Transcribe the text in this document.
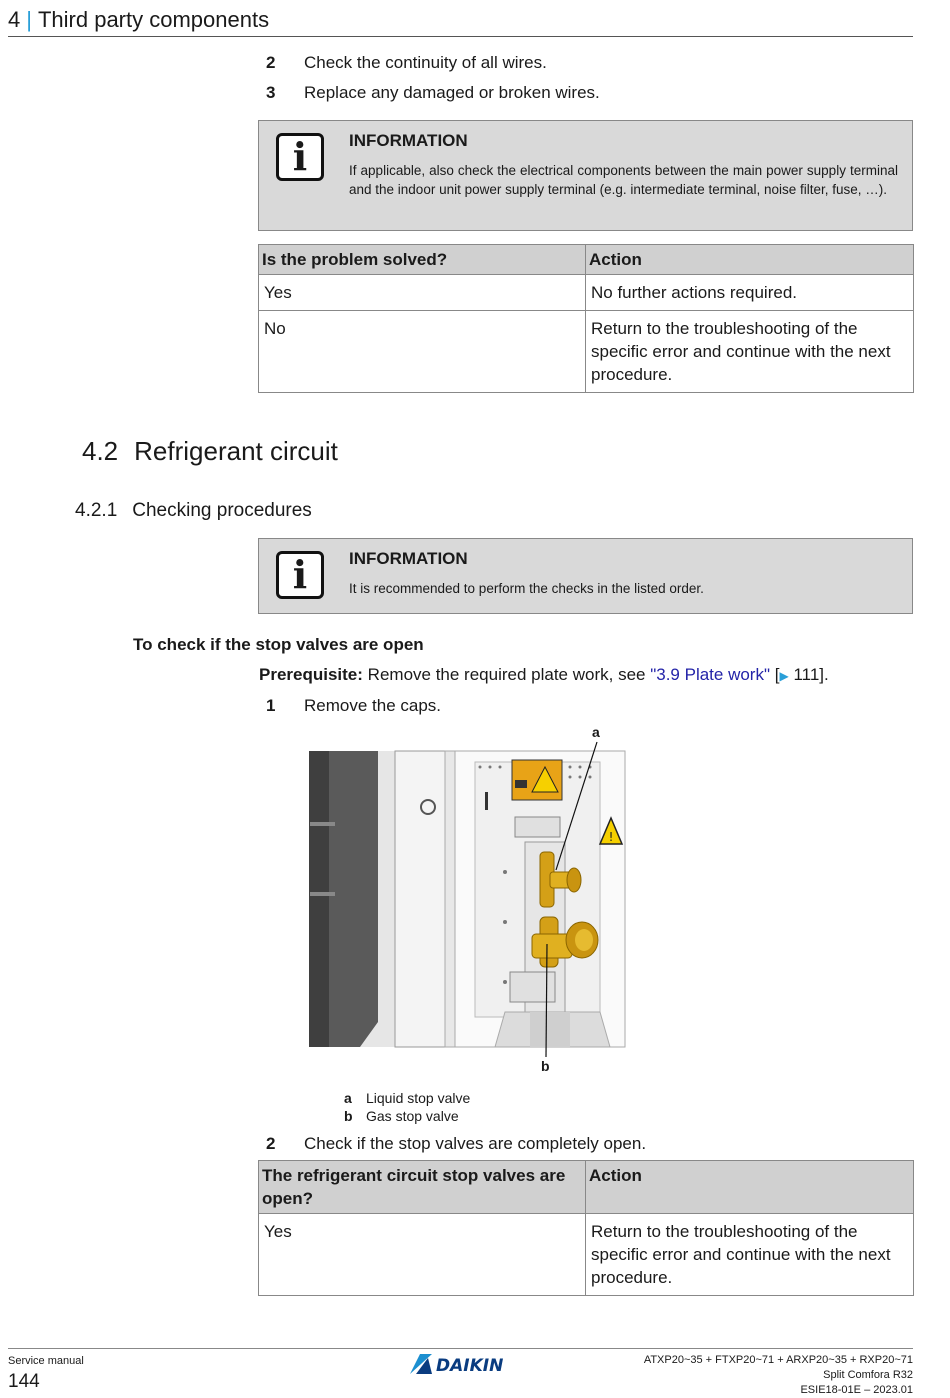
4 | Third party components
2 Check the continuity of all wires.
3 Replace any damaged or broken wires.
i	INFORMATION
If applicable, also check the electrical components between the main power supply terminal and the indoor unit power supply terminal (e.g. intermediate terminal, noise filter, fuse, …).
Is the problem solved?	Action
Yes	No further actions required.
No	Return to the troubleshooting of the specific error and continue with the next procedure.
4.2 Refrigerant circuit
4.2.1 Checking procedures
i	INFORMATION
It is recommended to perform the checks in the listed order.
To check if the stop valves are open
Prerequisite: Remove the required plate work, see "3.9 Plate work" [▶ 111].
1 Remove the caps.
!
a
b
a Liquid stop valve
b Gas stop valve
2 Check if the stop valves are completely open.
The refrigerant circuit stop valves are open?	Action
Yes	Return to the troubleshooting of the specific error and continue with the next procedure.
Service manual
144
DAIKIN	ATXP20~35 + FTXP20~71 + ARXP20~35 + RXP20~71
Split Comfora R32
ESIE18-01E – 2023.01
